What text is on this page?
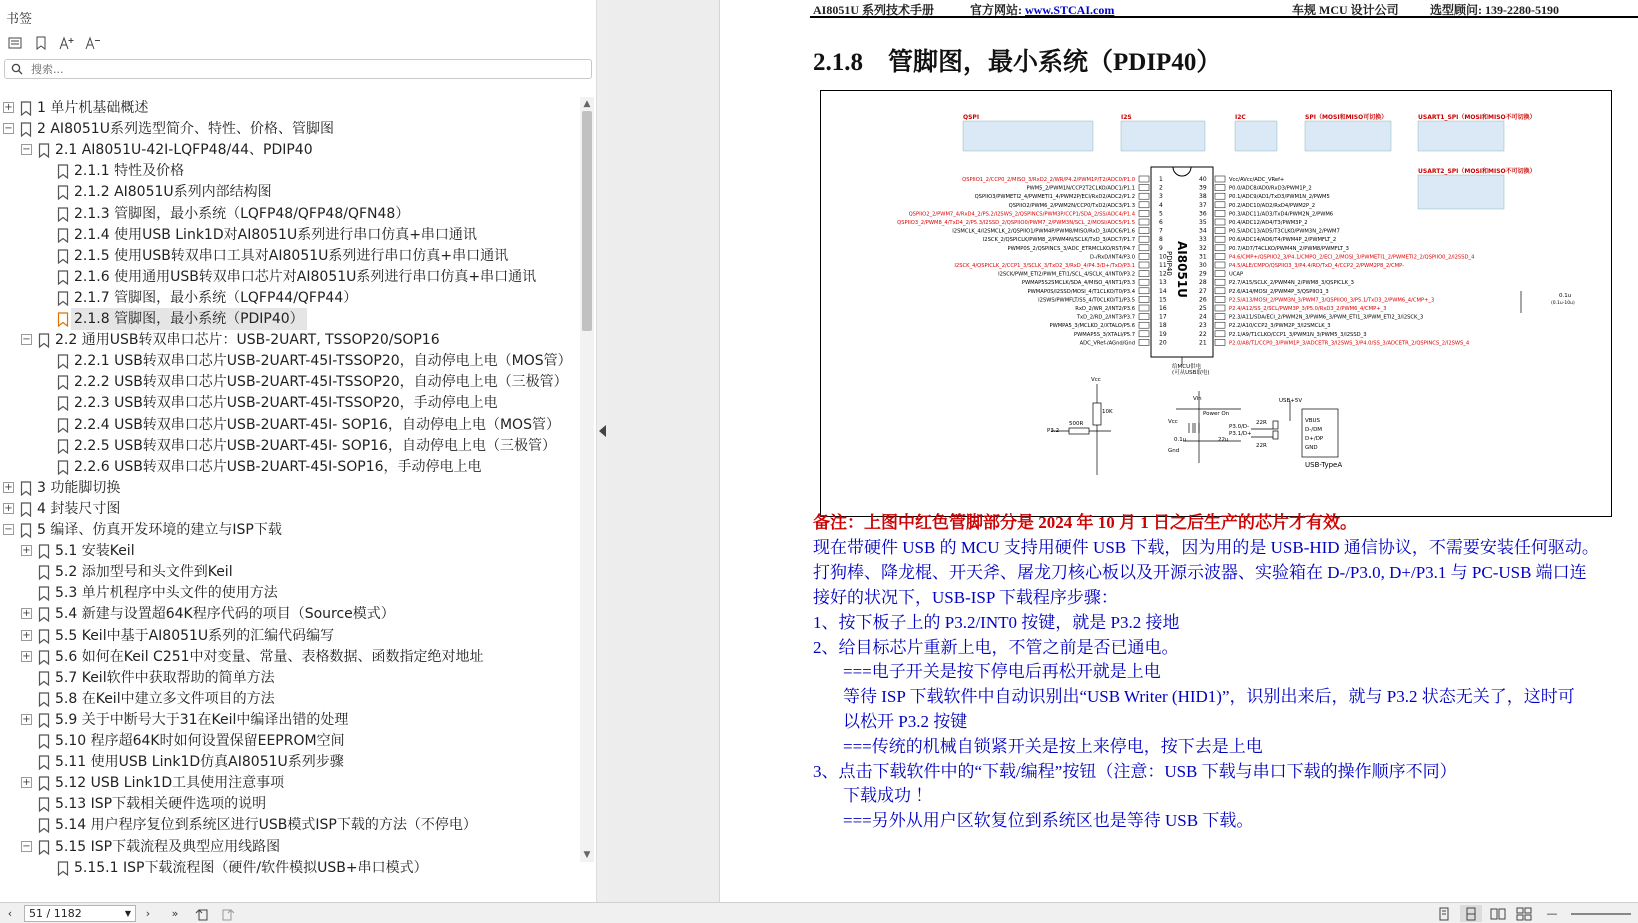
书签
搜索...
+ 1 单片机基础概述
− 2 AI8051U系列选型简介、特性、价格、管脚图
− 2.1 AI8051U-42I-LQFP48/44、PDIP40
2.1.1 特性及价格
2.1.2 AI8051U系列内部结构图
2.1.3 管脚图，最小系统（LQFP48/QFP48/QFN48）
2.1.4 使用USB Link1D对AI8051U系列进行串口仿真+串口通讯
2.1.5 使用USB转双串口工具对AI8051U系列进行串口仿真+串口通讯
2.1.6 使用通用USB转双串口芯片对AI8051U系列进行串口仿真+串口通讯
2.1.7 管脚图，最小系统（LQFP44/QFP44）
2.1.8 管脚图，最小系统（PDIP40）
− 2.2 通用USB转双串口芯片：USB-2UART, TSSOP20/SOP16
2.2.1 USB转双串口芯片USB-2UART-45I-TSSOP20，自动停电上电（MOS管）
2.2.2 USB转双串口芯片USB-2UART-45I-TSSOP20，自动停电上电（三极管）
2.2.3 USB转双串口芯片USB-2UART-45I-TSSOP20，手动停电上电
2.2.4 USB转双串口芯片USB-2UART-45I- SOP16，自动停电上电（MOS管）
2.2.5 USB转双串口芯片USB-2UART-45I- SOP16，自动停电上电（三极管）
2.2.6 USB转双串口芯片USB-2UART-45I-SOP16，手动停电上电
+ 3 功能脚切换
+ 4 封装尺寸图
− 5 编译、仿真开发环境的建立与ISP下载
+ 5.1 安装Keil
5.2 添加型号和头文件到Keil
5.3 单片机程序中头文件的使用方法
+ 5.4 新建与设置超64K程序代码的项目（Source模式）
+ 5.5 Keil中基于AI8051U系列的汇编代码编写
+ 5.6 如何在Keil C251中对变量、常量、表格数据、函数指定绝对地址
5.7 Keil软件中获取帮助的简单方法
5.8 在Keil中建立多文件项目的方法
+ 5.9 关于中断号大于31在Keil中编译出错的处理
5.10 程序超64K时如何设置保留EEPROM空间
5.11 使用USB Link1D仿真AI8051U系列步骤
+ 5.12 USB Link1D工具使用注意事项
5.13 ISP下载相关硬件选项的说明
5.14 用户程序复位到系统区进行USB模式ISP下载的方法（不停电）
− 5.15 ISP下载流程及典型应用线路图
5.15.1 ISP下载流程图（硬件/软件模拟USB+串口模式）
▲
▼
AI8051U 系列技术手册	官方网站: www.STCAI.com	车规 MCU 设计公司	选型顾问: 139-2280-5190
2.1.8　管脚图，最小系统（PDIP40）
QSPI	I2S	I2C	SPI（MOSI和MISO可切换）	USART1_SPI（MOSI和MISO不可切换）
USART2_SPI（MOSI和MISO不可切换）
AI8051U
PDIP40
1
QSPIIO1_2/CCP0_2/MISO_3/RxD2_2/WR/P4.2/PWM1P/T2/ADC0/P1.0
2
PWM5_2/PWM1N/CCP2T2CLKO/ADC1/P1.1
3
QSPIIO3/PWMETI2_4/PWMETI1_4/PWM2P/ECI/RxD2/ADC2/P1.2
4
QSPIIO2/PWM6_2/PWM2N/CCP0/TxD2/ADC3/P1.3
5
QSPIIO2_2/PWM7_4/RxD4_2/PS.2/I2SWS_2/QSPINCS/PWM3P/CCP1/SDA_2/SS/ADC4/P1.4
6
QSPIIO3_2/PWM8_4/TxD4_2/P5.3/I2SSD_2/QSPIIO0/PWM7_2/PWM3N/SCL_2/MOSI/ADC5/P1.5
7
I2SMCLK_4/I2SMCLK_2/QSPIIO1/PWM4P/PWM8/MISO/RxD_3/ADC6/P1.6
8
I2SCK_2/QSPICLK/PWM8_2/PWM4N/SCLK/TxD_3/ADC7/P1.7
9
PWMP0S_2/QSPINCS_3/ADC_ETRMCLKO/RST/P4.7
10
D-/RxD/INT4/P3.0
11
I2SCK_4/QSPICLK_2/CCP1_3/SCLK_3/TxD2_3/RxD_4/P4.3/D+/TxD/P3.1
12
I2SCK/PWM_ETI2/PWM_ETI1/SCL_4/SCLK_4/INT0/P3.2
13
PWMAP5S2SMCLK/SDA_4/MISO_4/INT1/P3.3
14
PWMAP0S/I2SSD/MOSI_4/T1CLKO/T0/P3.4
15
I2SWS/PWMFLT/SS_4/T0CLKO/T1/P3.5
16
RxD_2/WR_2/INT2/P3.6
17
TxD_2/RD_2/INT3/P3.7
18
PWMPA5_3/MCLKO_2/XTALO/P5.6
19
PWMAP5S_3/XTALI/P5.7
20
ADC_VRef-/AGnd/Gnd
40	Vcc/AVcc/ADC_VRef+
39	P0.0/ADC8/AD0/RxD3/PWM1P_2
38	P0.1/ADC9/AD1/TxD3/PWM1N_2/PWM5
37	P0.2/ADC10/AD2/RxD4/PWM2P_2
36	P0.3/ADC11/AD3/TxD4/PWM2N_2/PWM6
35	P0.4/ADC12/AD4/T3/PWM3P_2
34	P0.5/ADC13/AD5/T3CLKO/PWM3N_2/PWM7
33	P0.6/ADC14/AD6/T4/PWM4P_2/PWMFLT_2
32	P0.7/AD7/T4CLKO/PWM4N_2/PWM8/PWMFLT_3
31	P4.6/CMP+/QSPIIO2_3/P4.1/CMPO_2/ECI_2/MOSI_3/PWMETI1_2/PWMETI2_2/QSPIIO0_2/I2SSD_4
30	P4.5/ALE/CMPO/QSPIIO3_3/P4.4/RD/TxD_4/CCP2_2/PWM2P8_2/CMP-
29	UCAP
28	P2.7/A15/SCLK_2/PWM4N_2/PWM8_3/QSPICLK_3
27	P2.6/A14/MOSI_2/PWM4P_3/QSPIIO1_3
26	P2.5/A13/MOSI_2/PWM3N_3/PWM7_3/QSPIIO0_3/P5.1/TxD3_2/PWM6_4/CMP+_3
25	P2.4/A12/SS_2/SCL/PWM3P_3/P5.0/RxD3_2/PWM6_4/CMP+_3
24	P2.3/A11/SDA/ECI_2/PWM2N_3/PWM6_3/PWM_ETI1_3/PWM_ETI2_3/I2SCK_3
23	P2.2/A10/CCP2_3/PWM2P_3/I2SMCLK_3
22	P2.1/A9/T1CLKO/CCP1_3/PWM1N_3/PWM5_3/I2SSD_3
21	P2.0/A8/T1/CCP0_3/PWM1P_3/ADCETR_3/I2SWS_3/P4.0/SS_3/ADCETR_2/QSPINCS_2/I2SWS_4
给MCU供电
(可从USB取电)
Vcc
10K
500R
P3.2
Vcc
0.1u	22u
Gnd
Vin
Power On
USB+5V
P3.0/D-
P3.1/D+
22R
22R
VBUS
D-/DM
D+/DP
GND
USB-TypeA
0.1u
(0.1u-10u)
备注：上图中红色管脚部分是 2024 年 10 月 1 日之后生产的芯片才有效。
现在带硬件 USB 的 MCU 支持用硬件 USB 下载，因为用的是 USB-HID 通信协议，不需要安装任何驱动。
打狗棒、降龙棍、开天斧、屠龙刀核心板以及开源示波器、实验箱在 D-/P3.0, D+/P3.1 与 PC-USB 端口连
接好的状况下，USB-ISP 下载程序步骤：
1、按下板子上的 P3.2/INT0 按键，就是 P3.2 接地
2、给目标芯片重新上电，不管之前是否已通电。
===电子开关是按下停电后再松开就是上电
等待 ISP 下载软件中自动识别出“USB Writer (HID1)”，识别出来后，就与 P3.2 状态无关了，这时可
以松开 P3.2 按键
===传统的机械自锁紧开关是按上来停电，按下去是上电
3、点击下载软件中的“下载/编程”按钮（注意：USB 下载与串口下载的操作顺序不同）
下载成功 ！
===另外从用户区软复位到系统区也是等待 USB 下载。
‹	51 / 1182	▼	›	»	—
